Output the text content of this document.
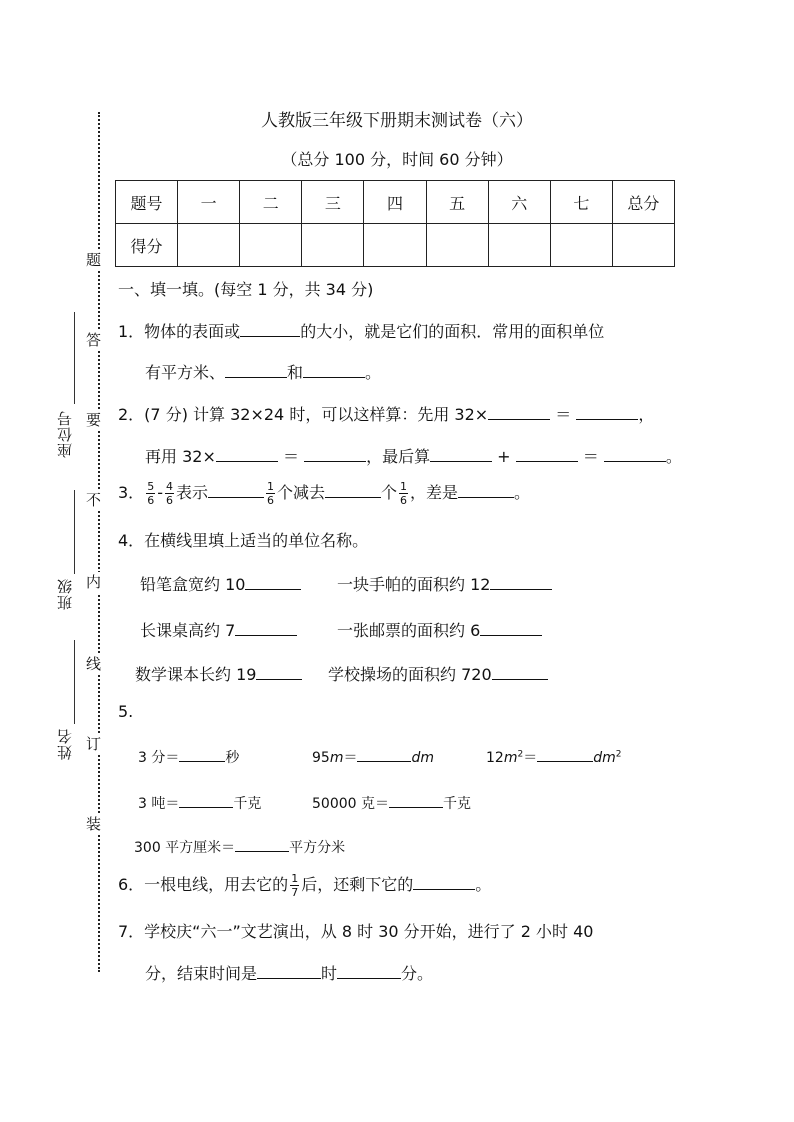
题
答
要
不
内
线
订
装
座位号
班级
姓名
人教版三年级下册期末测试卷（六）
（总分 100 分，时间 60 分钟）
题号	一	二	三	四	五	六	七	总分
得分								
一、填一填。(每空 1 分，共 34 分)
1．物体的表面或	的大小，就是它们的面积．常用的面积单位
有平方米、	和	。
2．(7 分) 计算 32×24 时，可以这样算：先用 32×	＝	，
再用 32×	＝	，最后算	+	＝	。
3． $\frac{5}{6} - \frac{4}{6}$ 表示	$\frac{1}{6}$ 个减去	个 $\frac{1}{6}$ ，差是	。
4．在横线里填上适当的单位名称。
铅笔盒宽约 10	一块手帕的面积约 12
长课桌高约 7	一张邮票的面积约 6
数学课本长约 19	学校操场的面积约 720
5.
3 分＝	秒	95m＝	dm	$12m^2=$	$dm^2$
3 吨＝	千克	50000 克＝	千克
300 平方厘米＝	平方分米
6．一根电线，用去它的 $\frac{1}{7}$ 后，还剩下它的	。
7．学校庆“六一”文艺演出，从 8 时 30 分开始，进行了 2 小时 40
分，结束时间是	时	分。
